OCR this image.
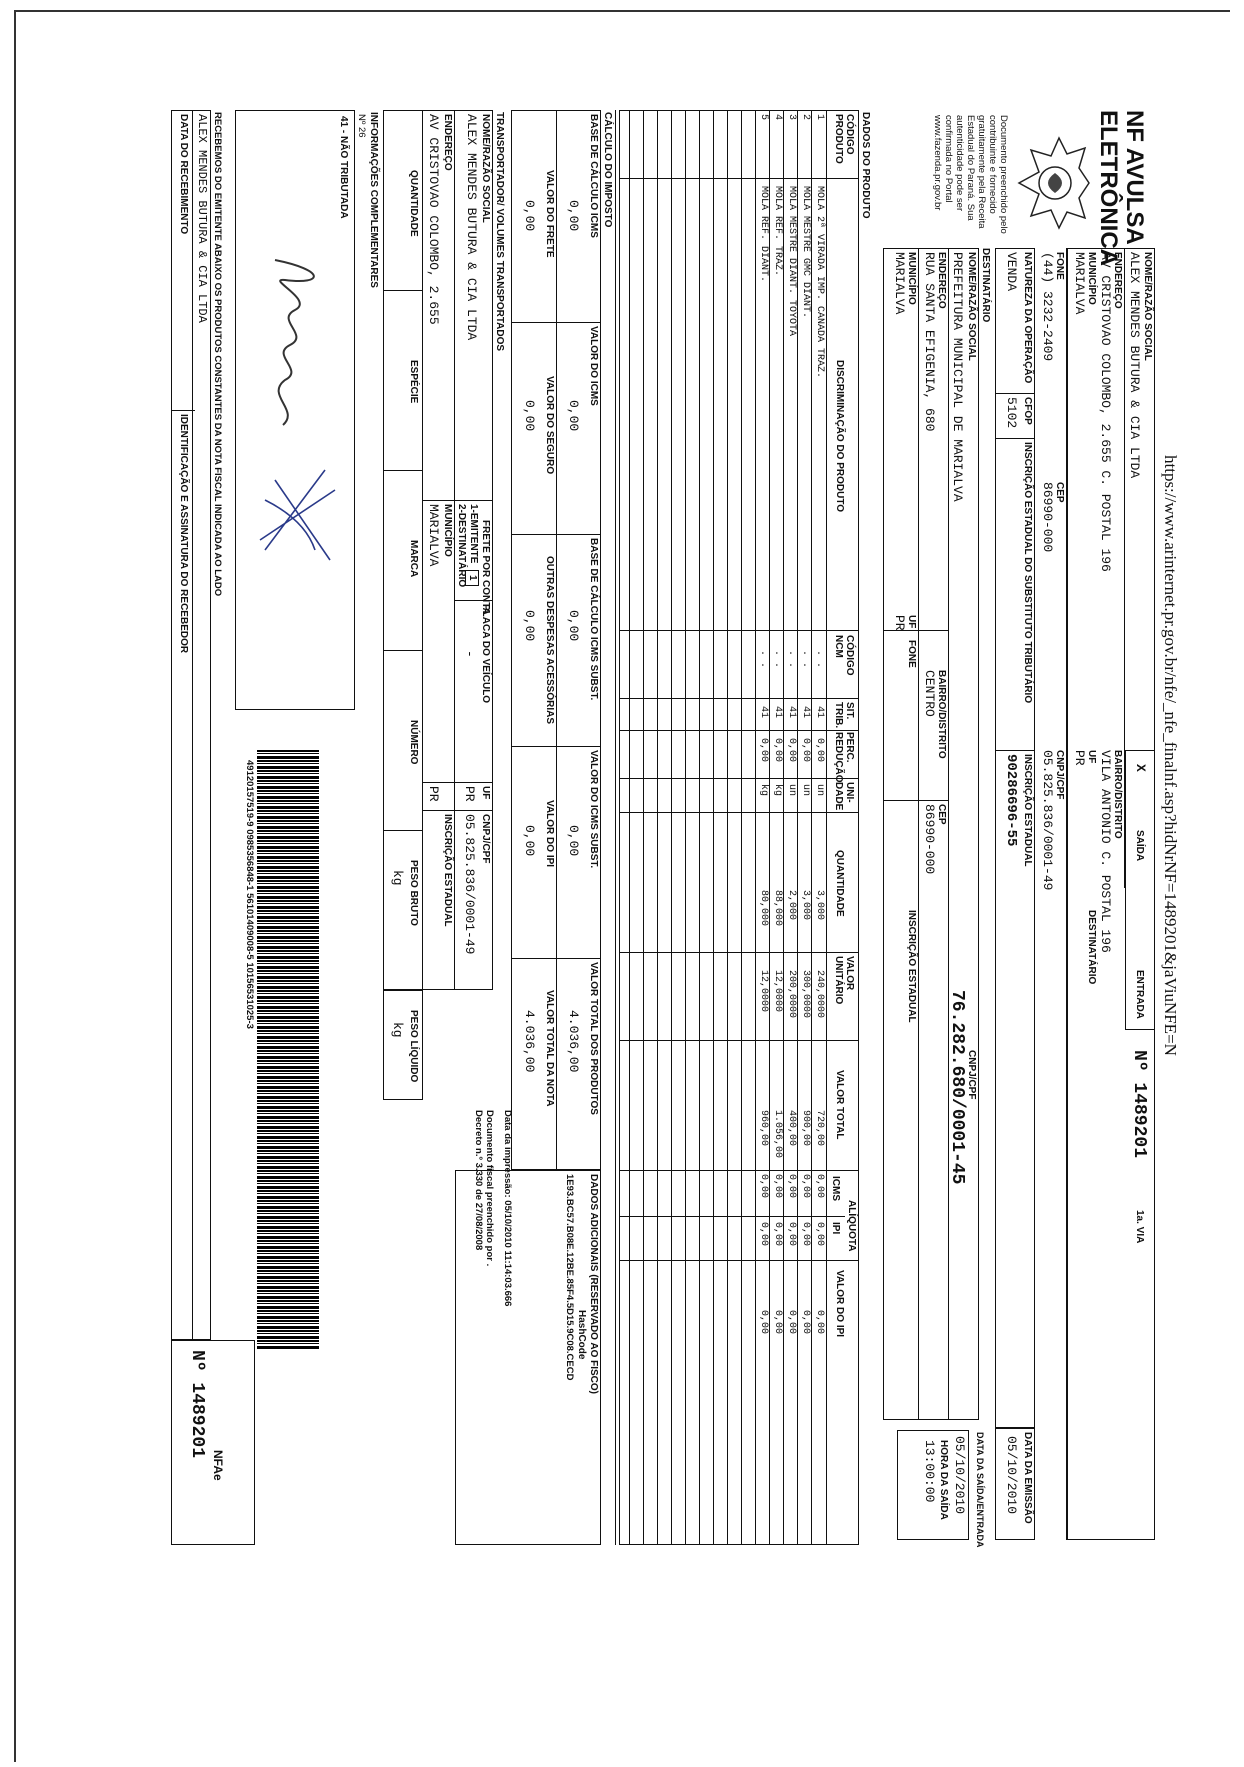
https://www.arinternet.pr.gov.br/nfe/_nfe_finalnf.asp?hidNrNF=1489201&jaViuNFE=N
NF AVULSA
ELETRÔNICA
Documento preenchido pelo
contribuinte e fornecido
gratuitamente pela Receita
Estadual do Paraná. Sua
autenticidade pode ser
confirmada no Portal
www.fazenda.pr.gov.br
NOME/RAZÃO SOCIAL
ALEX MENDES BUTURA & CIA LTDA
ENDEREÇO
AV CRISTOVAO COLOMBO, 2.655 C. POSTAL 196
BAIRRO/DISTRITO
VILA ANTONIO C. POSTAL 196
MUNICÍPIO
MARIALVA
UF
PR
X
SAÍDA
ENTRADA
Nº 1489201
1a. VIA
DESTINATÁRIO
FONE
(44) 3232-2409
CEP
86990-000
CNPJ/CPF
05.825.836/0001-49
NATUREZA DA OPERAÇÃO
VENDA
CFOP
5102
INSCRIÇÃO ESTADUAL DO SUBSTITUTO TRIBUTÁRIO
INSCRIÇÃO ESTADUAL
90286696-55
DATA DA EMISSÃO
05/10/2010
DESTINATÁRIO
NOME/RAZÃO SOCIAL
PREFEITURA MUNICIPAL DE MARIALVA
CNPJ/CPF
76.282.680/0001-45
ENDEREÇO
RUA SANTA EFIGENIA, 680
BAIRRO/DISTRITO
CENTRO
CEP
86990-000
MUNICÍPIO
MARIALVA
UF
PR
FONE
INSCRIÇÃO ESTADUAL
DATA DA SAÍDA/ENTRADA
05/10/2010
HORA DA SAÍDA
13:00:00
DADOS DO PRODUTO
CÓDIGO PRODUTO
DISCRIMINAÇÃO DO PRODUTO
CÓDIGO NCM
SIT. TRIB.
PERC. REDUÇÃO
UNI-DADE
QUANTIDADE
VALOR UNITÁRIO
VALOR TOTAL
ALÍQUOTA
ICMS
IPI
VALOR DO IPI
1
MOLA 2ª VIRADA IMP. CANADA TRAZ.
. .
41
0,00
un
3,000
240,0000
720,00
0,00
0,00
0,00
2
MOLA MESTRE GMC DIANT.
. .
41
0,00
un
3,000
300,0000
900,00
0,00
0,00
0,00
3
MOLA MESTRE DIANT. TOYOTA
. .
41
0,00
un
2,000
200,0000
400,00
0,00
0,00
0,00
4
MOLA REF. TRAZ.
. .
41
0,00
kg
88,000
12,0000
1.056,00
0,00
0,00
0,00
5
MOLA REF. DIANT.
. .
41
0,00
kg
80,000
12,0000
960,00
0,00
0,00
0,00
CÁLCULO DO IMPOSTO
BASE DE CÁLCULO ICMS
0,00
VALOR DO ICMS
0,00
BASE DE CÁLCULO ICMS SUBST.
0,00
VALOR DO ICMS SUBST.
0,00
VALOR TOTAL DOS PRODUTOS
4.036,00
VALOR DO FRETE
0,00
VALOR DO SEGURO
0,00
OUTRAS DESPESAS ACESSÓRIAS
0,00
VALOR DO IPI
0,00
VALOR TOTAL DA NOTA
4.036,00
DADOS ADICIONAIS (RESERVADO AO FISCO)
HashCode
1E93.BC57.B08E.12BE.85F4.5D15.9C08.CECD
Data da impressão: 05/10/2010 11:14:03.666
Documento fiscal preenchido por .
Decreto n.º 3.330 de 27/08/2008
TRANSPORTADOR/ VOLUMES TRANSPORTADOS
NOME/RAZÃO SOCIAL
ALEX MENDES BUTURA & CIA LTDA
FRETE POR CONTA
1-EMITENTE
2-DESTINATÁRIO 1
PLACA DO VEÍCULO
-
UF
PR
CNPJ/CPF
05.825.836/0001-49
ENDEREÇO
AV CRISTOVAO COLOMBO, 2.655
MUNICÍPIO
MARIALVA
PR
INSCRIÇÃO ESTADUAL
QUANTIDADE
ESPÉCIE
MARCA
NÚMERO
PESO BRUTO
kg
PESO LÍQUIDO
kg
INFORMAÇÕES COMPLEMENTARES
Nº 26
41 - NÃO TRIBUTADA
49120157519-9 0985356848-1 56101409008-5 10156531025-3
RECEBEMOS DO EMITENTE ABAIXO OS PRODUTOS CONSTANTES DA NOTA FISCAL INDICADA AO LADO
ALEX MENDES BUTURA & CIA LTDA
DATA DO RECEBIMENTO
IDENTIFICAÇÃO E ASSINATURA DO RECEBEDOR
NFAe
Nº 1489201
